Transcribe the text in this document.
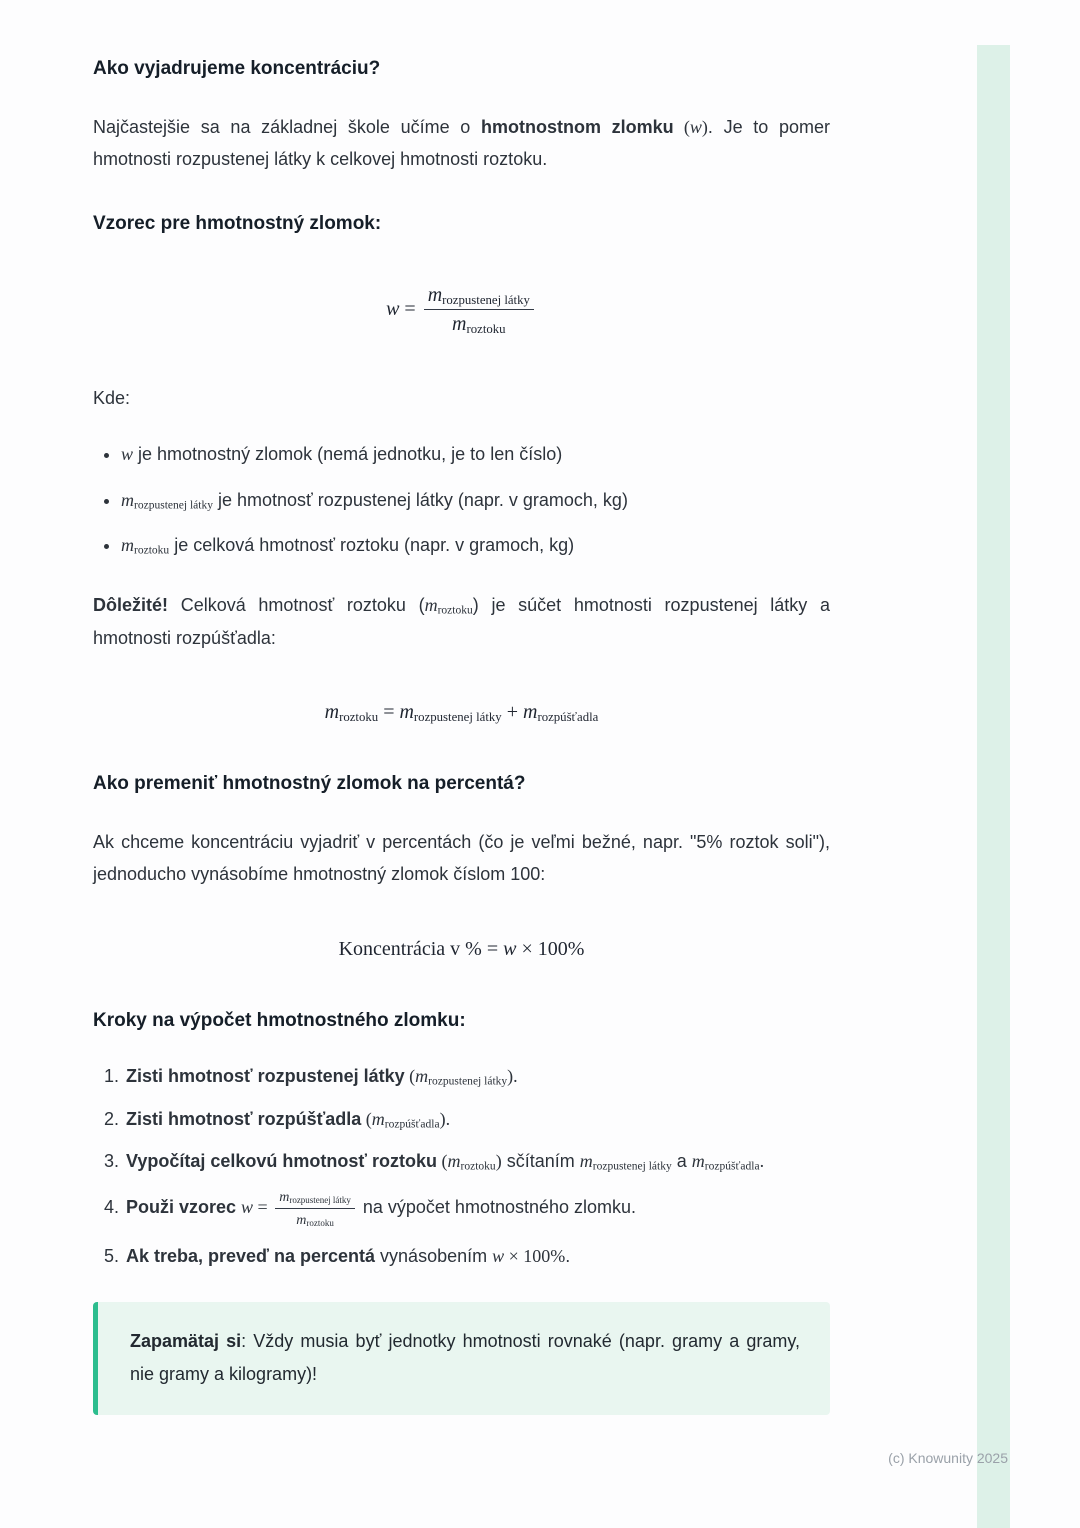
Ako vyjadrujeme koncentráciu?

Najčastejšie sa na základnej škole učíme o hmotnostnom zlomku (w). Je to pomer hmotnosti rozpustenej látky k celkovej hmotnosti roztoku.

Vzorec pre hmotnostný zlomok:
$w = \frac{m_{rozpustenej látky}}{m_{roztoku}}$

Kde:

• w je hmotnostný zlomok (nemá jednotku, je to len číslo)
• $m_{rozpustenej látky}$ je hmotnosť rozpustenej látky (napr. v gramoch, kg)
• $m_{roztoku}$ je celková hmotnosť roztoku (napr. v gramoch, kg)

Dôležité! Celková hmotnosť roztoku $(m_{roztoku})$ je súčet hmotnosti rozpustenej látky a hmotnosti rozpúšťadla:

$m_{roztoku} = m_{rozpustenej látky} + m_{rozpúšťadla}$
Ako premeniť hmotnostný zlomok na percentá?

Ak chceme koncentráciu vyjadriť v percentách (čo je veľmi bežné, napr. "5% roztok soli"), jednoducho vynásobíme hmotnostný zlomok číslom 100:

Koncentrácia v % = w × 100%
Kroky na výpočet hmotnostného zlomku:
1. Zisti hmotnosť rozpustenej látky $(m_{rozpustenej látky})$.
2. Zisti hmotnosť rozpúšťadla $(m_{rozpúšťadla})$.
3. Vypočítaj celkovú hmotnosť roztoku $(m_{roztoku})$ sčítaním $m_{rozpustenej látky}$ a $m_{rozpúšťadla}$.
4. Použi vzorec $w = \frac{m_{rozpustenej látky}}{m_{roztoku}}$ na výpočet hmotnostného zlomku.
5. Ak treba, preveď na percentá vynásobením w × 100%.

Zapamätaj si: Vždy musia byť jednotky hmotnosti rovnaké (napr. gramy a gramy, nie gramy a kilogramy)!

(c) Knowunity 2025
